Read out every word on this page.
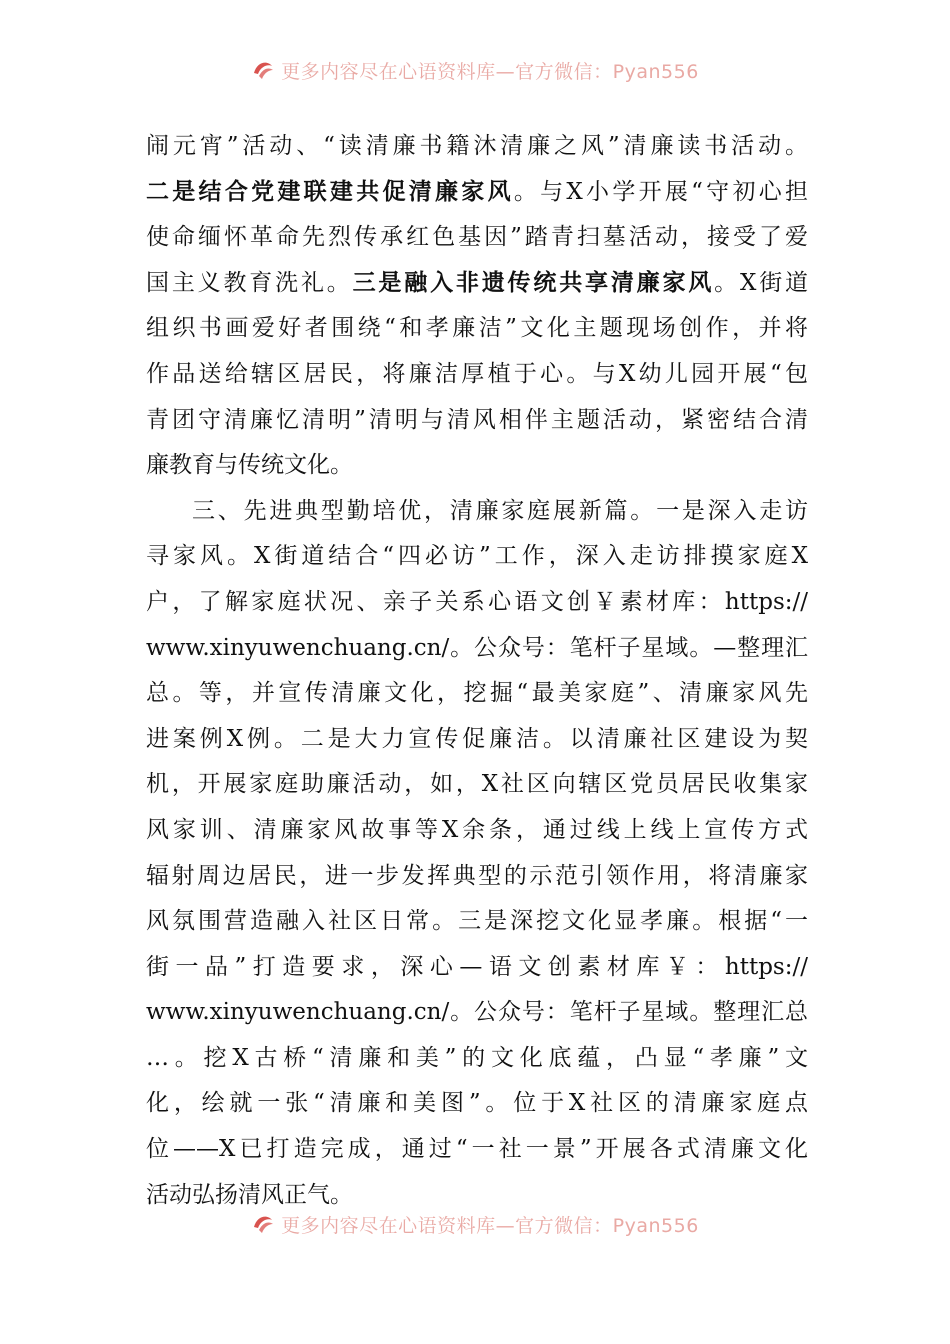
更多内容尽在心语资料库—官方微信：Pyan556
闹元宵”活动、“读清廉书籍沐清廉之风”清廉读书活动。
二是结合党建联建共促清廉家风。与X小学开展“守初心担
使命缅怀革命先烈传承红色基因”踏青扫墓活动，接受了爱
国主义教育洗礼。三是融入非遗传统共享清廉家风。X街道
组织书画爱好者围绕“和孝廉洁”文化主题现场创作，并将
作品送给辖区居民，将廉洁厚植于心。与X幼儿园开展“包
青团守清廉忆清明”清明与清风相伴主题活动，紧密结合清
廉教育与传统文化。
三、先进典型勤培优，清廉家庭展新篇。一是深入走访
寻家风。X街道结合“四必访”工作，深入走访排摸家庭X
户，了解家庭状况、亲子关系心语文创￥素材库：https://
www.xinyuwenchuang.cn/。公众号：笔杆子星域。—整理汇
总。等，并宣传清廉文化，挖掘“最美家庭”、清廉家风先
进案例X例。二是大力宣传促廉洁。以清廉社区建设为契
机，开展家庭助廉活动，如，X社区向辖区党员居民收集家
风家训、清廉家风故事等X余条，通过线上线上宣传方式
辐射周边居民，进一步发挥典型的示范引领作用，将清廉家
风氛围营造融入社区日常。三是深挖文化显孝廉。根据“一
街一品”打造要求，深心—语文创素材库￥：https://
www.xinyuwenchuang.cn/。公众号：笔杆子星域。整理汇总
…。挖X古桥“清廉和美”的文化底蕴，凸显“孝廉”文
化，绘就一张“清廉和美图”。位于X社区的清廉家庭点
位——X已打造完成，通过“一社一景”开展各式清廉文化
活动弘扬清风正气。
更多内容尽在心语资料库—官方微信：Pyan556
